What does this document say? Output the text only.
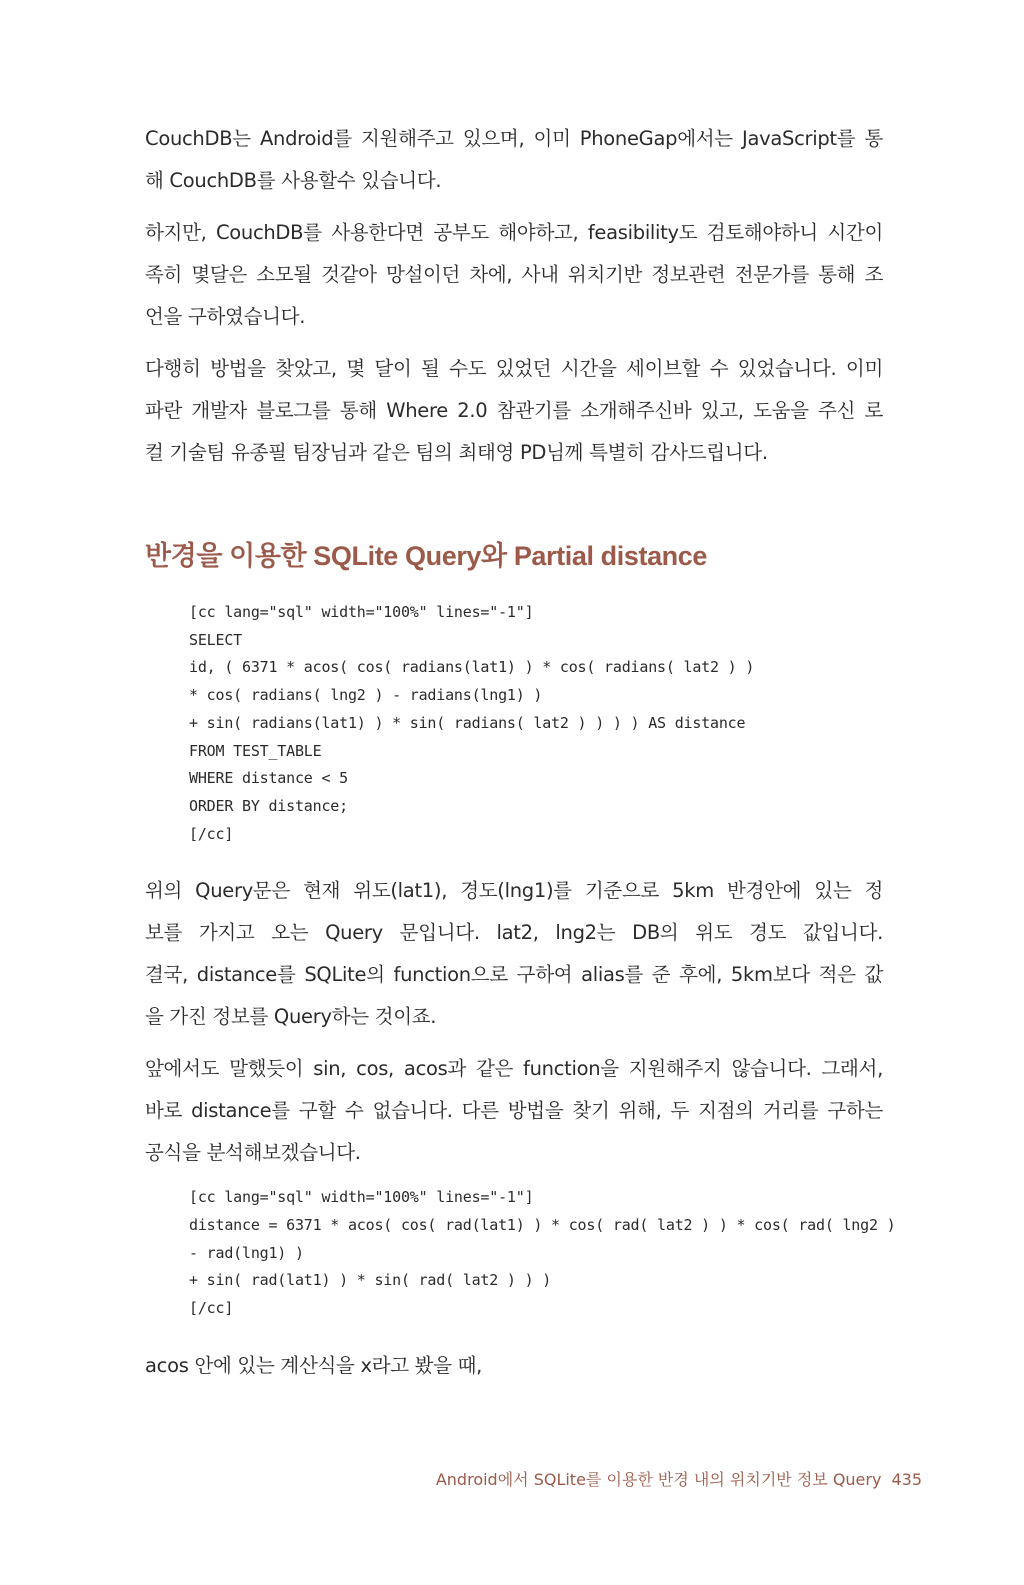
CouchDB는 Android를 지원해주고 있으며, 이미 PhoneGap에서는 JavaScript를 통
해 CouchDB를 사용할수 있습니다.

하지만, CouchDB를 사용한다면 공부도 해야하고, feasibility도 검토해야하니 시간이
족히 몇달은 소모될 것같아 망설이던 차에, 사내 위치기반 정보관련 전문가를 통해 조
언을 구하였습니다.

다행히 방법을 찾았고, 몇 달이 될 수도 있었던 시간을 세이브할 수 있었습니다. 이미
파란 개발자 블로그를 통해 Where 2.0 참관기를 소개해주신바 있고, 도움을 주신 로
컬 기술팀 유종필 팀장님과 같은 팀의 최태영 PD님께 특별히 감사드립니다.

반경을 이용한 SQLite Query와 Partial distance
[cc lang="sql" width="100%" lines="-1"]
SELECT
id, ( 6371 * acos( cos( radians(lat1) ) * cos( radians( lat2 ) )
* cos( radians( lng2 ) - radians(lng1) )
+ sin( radians(lat1) ) * sin( radians( lat2 ) ) ) ) AS distance
FROM TEST_TABLE
WHERE distance < 5
ORDER BY distance;
[/cc]

위의 Query문은 현재 위도(lat1), 경도(lng1)를 기준으로 5km 반경안에 있는 정
보를 가지고 오는 Query 문입니다. lat2, lng2는 DB의 위도 경도 값입니다.
결국, distance를 SQLite의 function으로 구하여 alias를 준 후에, 5km보다 적은 값
을 가진 정보를 Query하는 것이죠.

앞에서도 말했듯이 sin, cos, acos과 같은 function을 지원해주지 않습니다. 그래서,
바로 distance를 구할 수 없습니다. 다른 방법을 찾기 위해, 두 지점의 거리를 구하는
공식을 분석해보겠습니다.

[cc lang="sql" width="100%" lines="-1"]
distance = 6371 * acos( cos( rad(lat1) ) * cos( rad( lat2 ) ) * cos( rad( lng2 )
- rad(lng1) )
+ sin( rad(lat1) ) * sin( rad( lat2 ) ) )
[/cc]

acos 안에 있는 계산식을 x라고 봤을 때,

Android에서 SQLite를 이용한 반경 내의 위치기반 정보 Query 435
